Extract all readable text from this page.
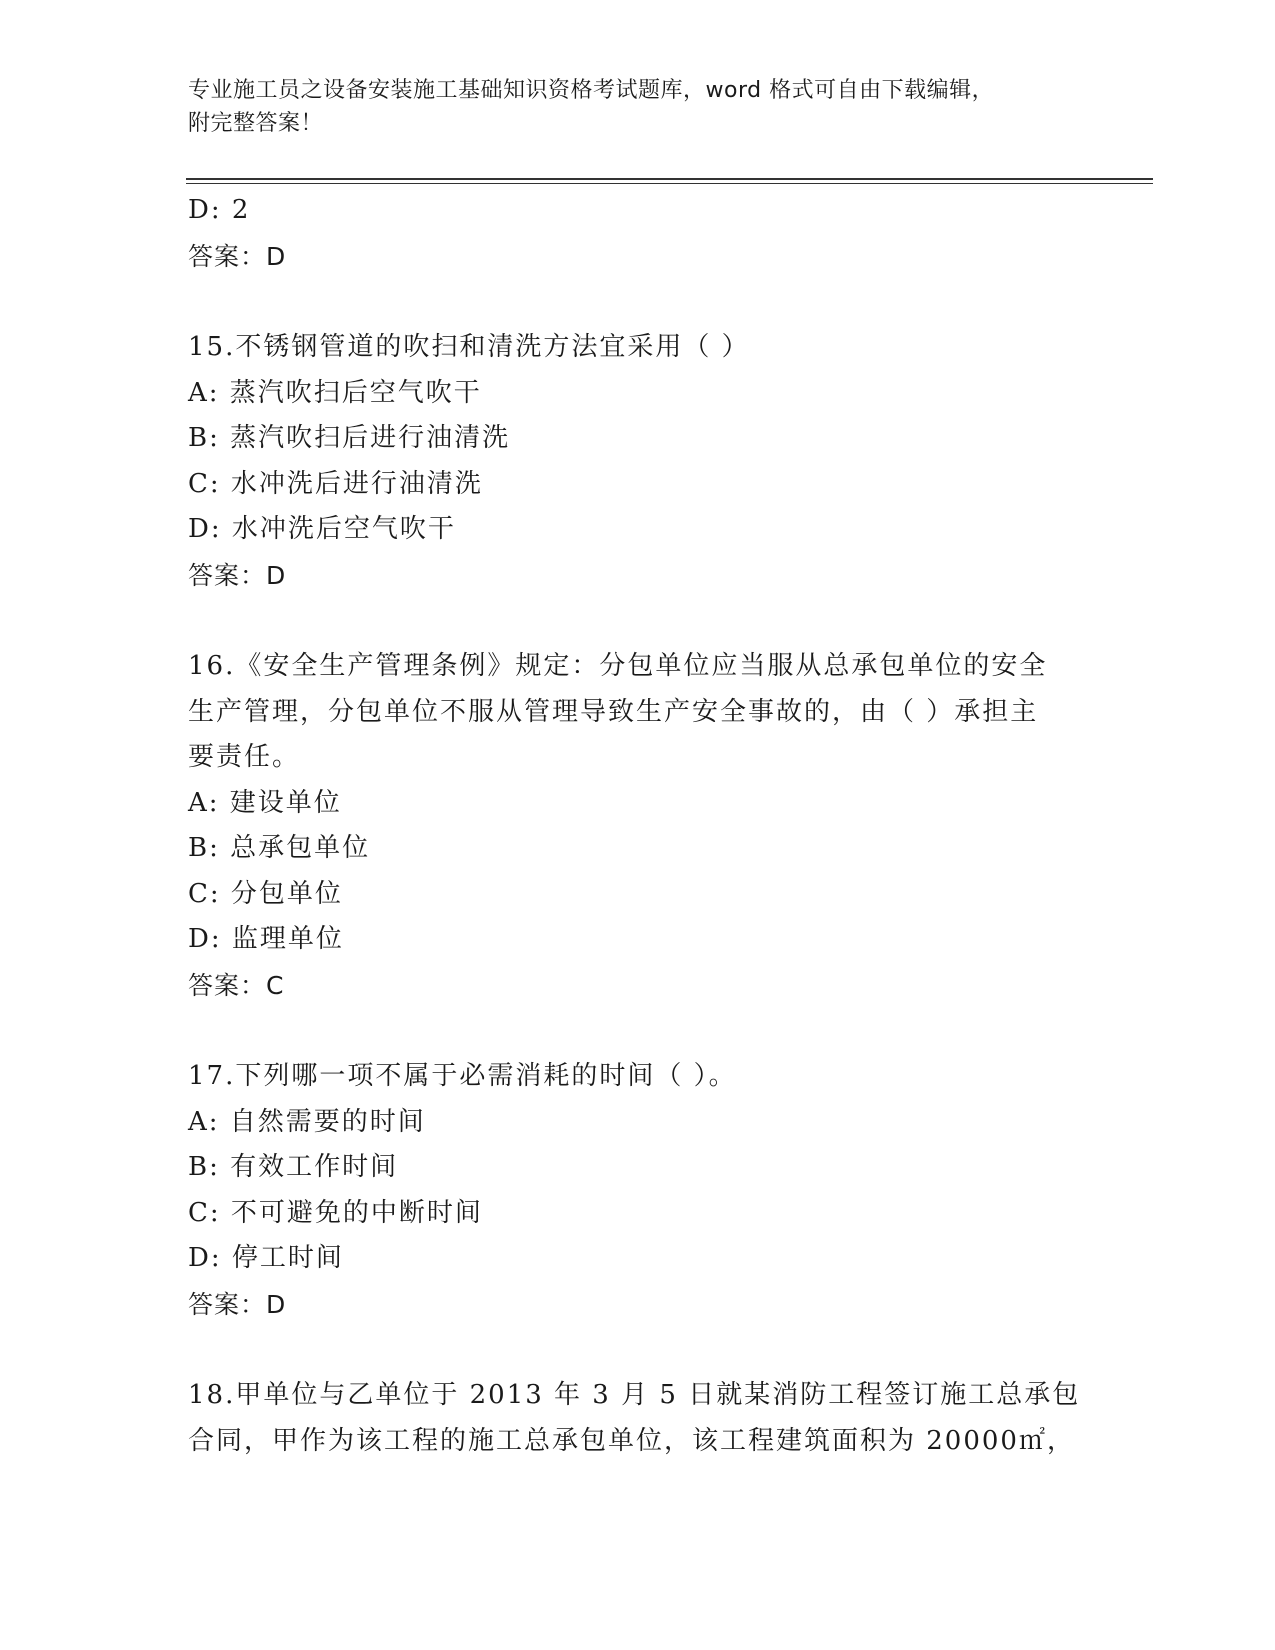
专业施工员之设备安装施工基础知识资格考试题库，word 格式可自由下载编辑，
附完整答案！
D: 2
答案：D
15.不锈钢管道的吹扫和清洗方法宜采用（ ）
A: 蒸汽吹扫后空气吹干
B: 蒸汽吹扫后进行油清洗
C: 水冲洗后进行油清洗
D: 水冲洗后空气吹干
答案：D
16.《安全生产管理条例》规定：分包单位应当服从总承包单位的安全
生产管理，分包单位不服从管理导致生产安全事故的，由（ ）承担主
要责任。
A: 建设单位
B: 总承包单位
C: 分包单位
D: 监理单位
答案：C
17.下列哪一项不属于必需消耗的时间（ ）。
A: 自然需要的时间
B: 有效工作时间
C: 不可避免的中断时间
D: 停工时间
答案：D
18.甲单位与乙单位于 2013 年 3 月 5 日就某消防工程签订施工总承包
合同，甲作为该工程的施工总承包单位，该工程建筑面积为 20000㎡，
